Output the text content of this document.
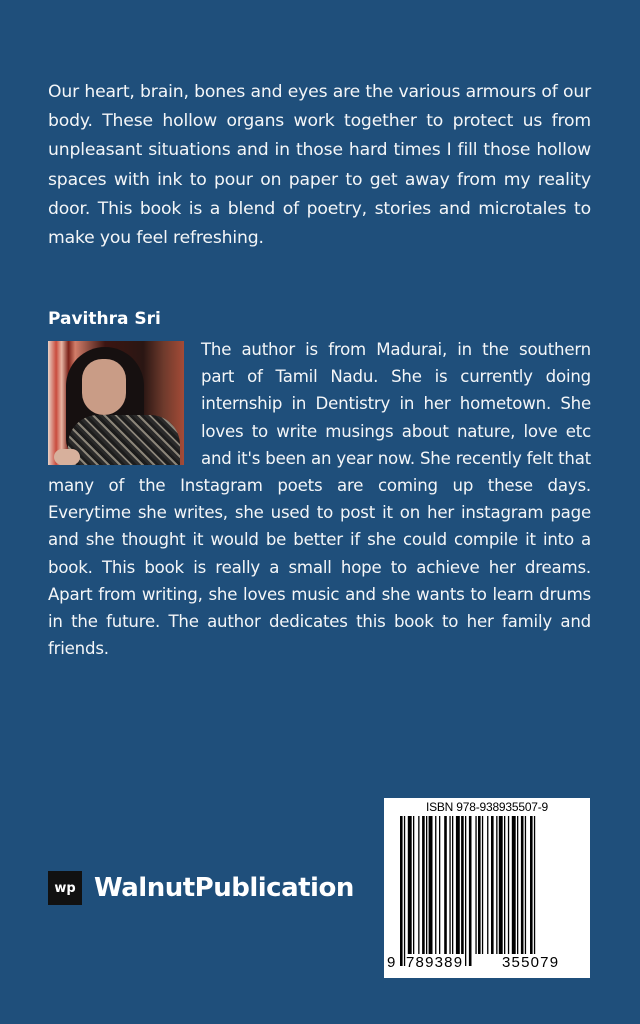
Our heart, brain, bones and eyes are the various armours of our body. These hollow organs work together to protect us from unpleasant situations and in those hard times I fill those hollow spaces with ink to pour on paper to get away from my reality door. This book is a blend of poetry, stories and microtales to make you feel refreshing.

Pavithra Sri

The author is from Madurai, in the southern part of Tamil Nadu. She is currently doing internship in Dentistry in her hometown. She loves to write musings about nature, love etc and it's been an year now. She recently felt that many of the Instagram poets are coming up these days. Everytime she writes, she used to post it on her instagram page and she thought it would be better if she could compile it into a book. This book is really a small hope to achieve her dreams. Apart from writing, she loves music and she wants to learn drums in the future. The author dedicates this book to her family and friends.
wp WalnutPublication
ISBN 978-938935507-9
9 789389	355079
